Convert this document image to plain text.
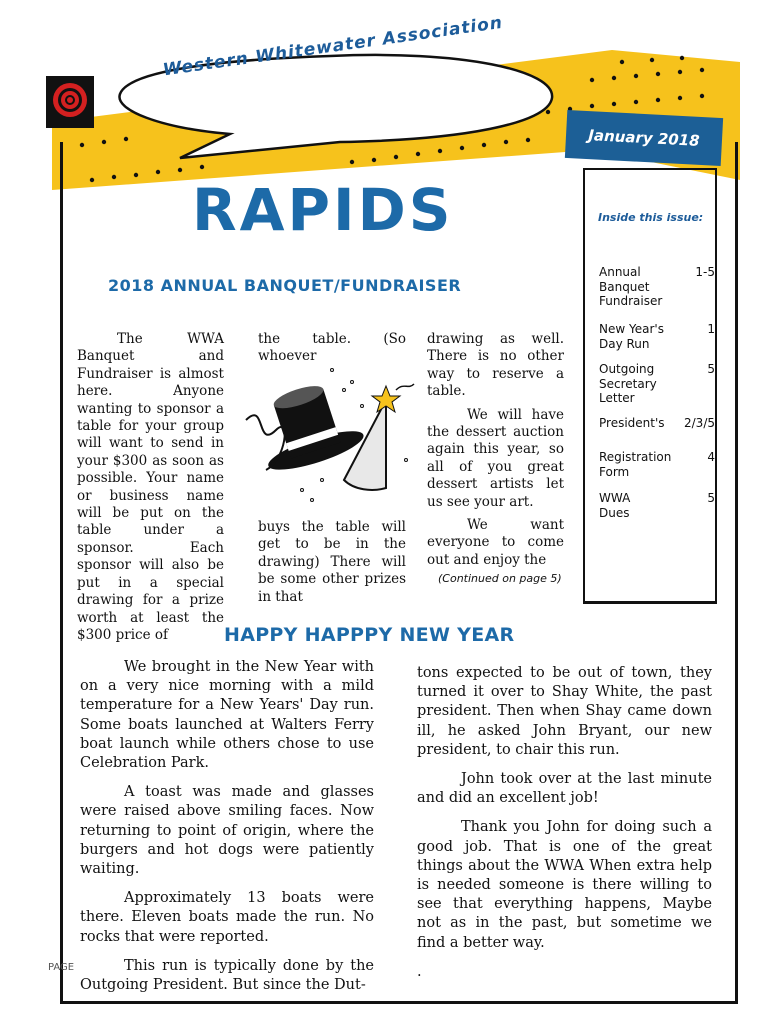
Western Whitewater Association
January 2018
RAPIDS
2018 ANNUAL BANQUET/FUNDRAISER

The WWA Banquet and Fundraiser is almost here. Anyone wanting to sponsor a table for your group will want to send in your $300 as soon as possible. Your name or business name will be put on the table under a sponsor. Each sponsor will also be put in a special drawing for a prize worth at least the $300 price of

the table. (So whoever

buys the table will get to be in the drawing) There will be some other prizes in that

drawing as well. There is no other way to reserve a table.

We will have the dessert auction again this year, so all of you great dessert artists let us see your art.

We want everyone to come out and enjoy the

(Continued on page 5)
Inside this issue:
Annual Banquet Fundraiser
1-5
New Year's Day Run
1
Outgoing Secretary Letter
5
President's	2/3/5
Registration Form
4
WWA Dues
5
HAPPY HAPPPY NEW YEAR

We brought in the New Year with on a very nice morning with a mild temperature for a New Years' Day run. Some boats launched at Walters Ferry boat launch while others chose to use Celebration Park.

A toast was made and glasses were raised above smiling faces. Now returning to point of origin, where the burgers and hot dogs were patiently waiting.

Approximately 13 boats were there. Eleven boats made the run. No rocks that were reported.

This run is typically done by the Outgoing President. But since the Dut-

tons expected to be out of town, they turned it over to Shay White, the past president. Then when Shay came down ill, he asked John Bryant, our new president, to chair this run.

John took over at the last minute and did an excellent job!

Thank you John for doing such a good job. That is one of the great things about the WWA When extra help is needed someone is there willing to see that everything happens, Maybe not as in the past, but sometime we find a better way.

.

PAGE
